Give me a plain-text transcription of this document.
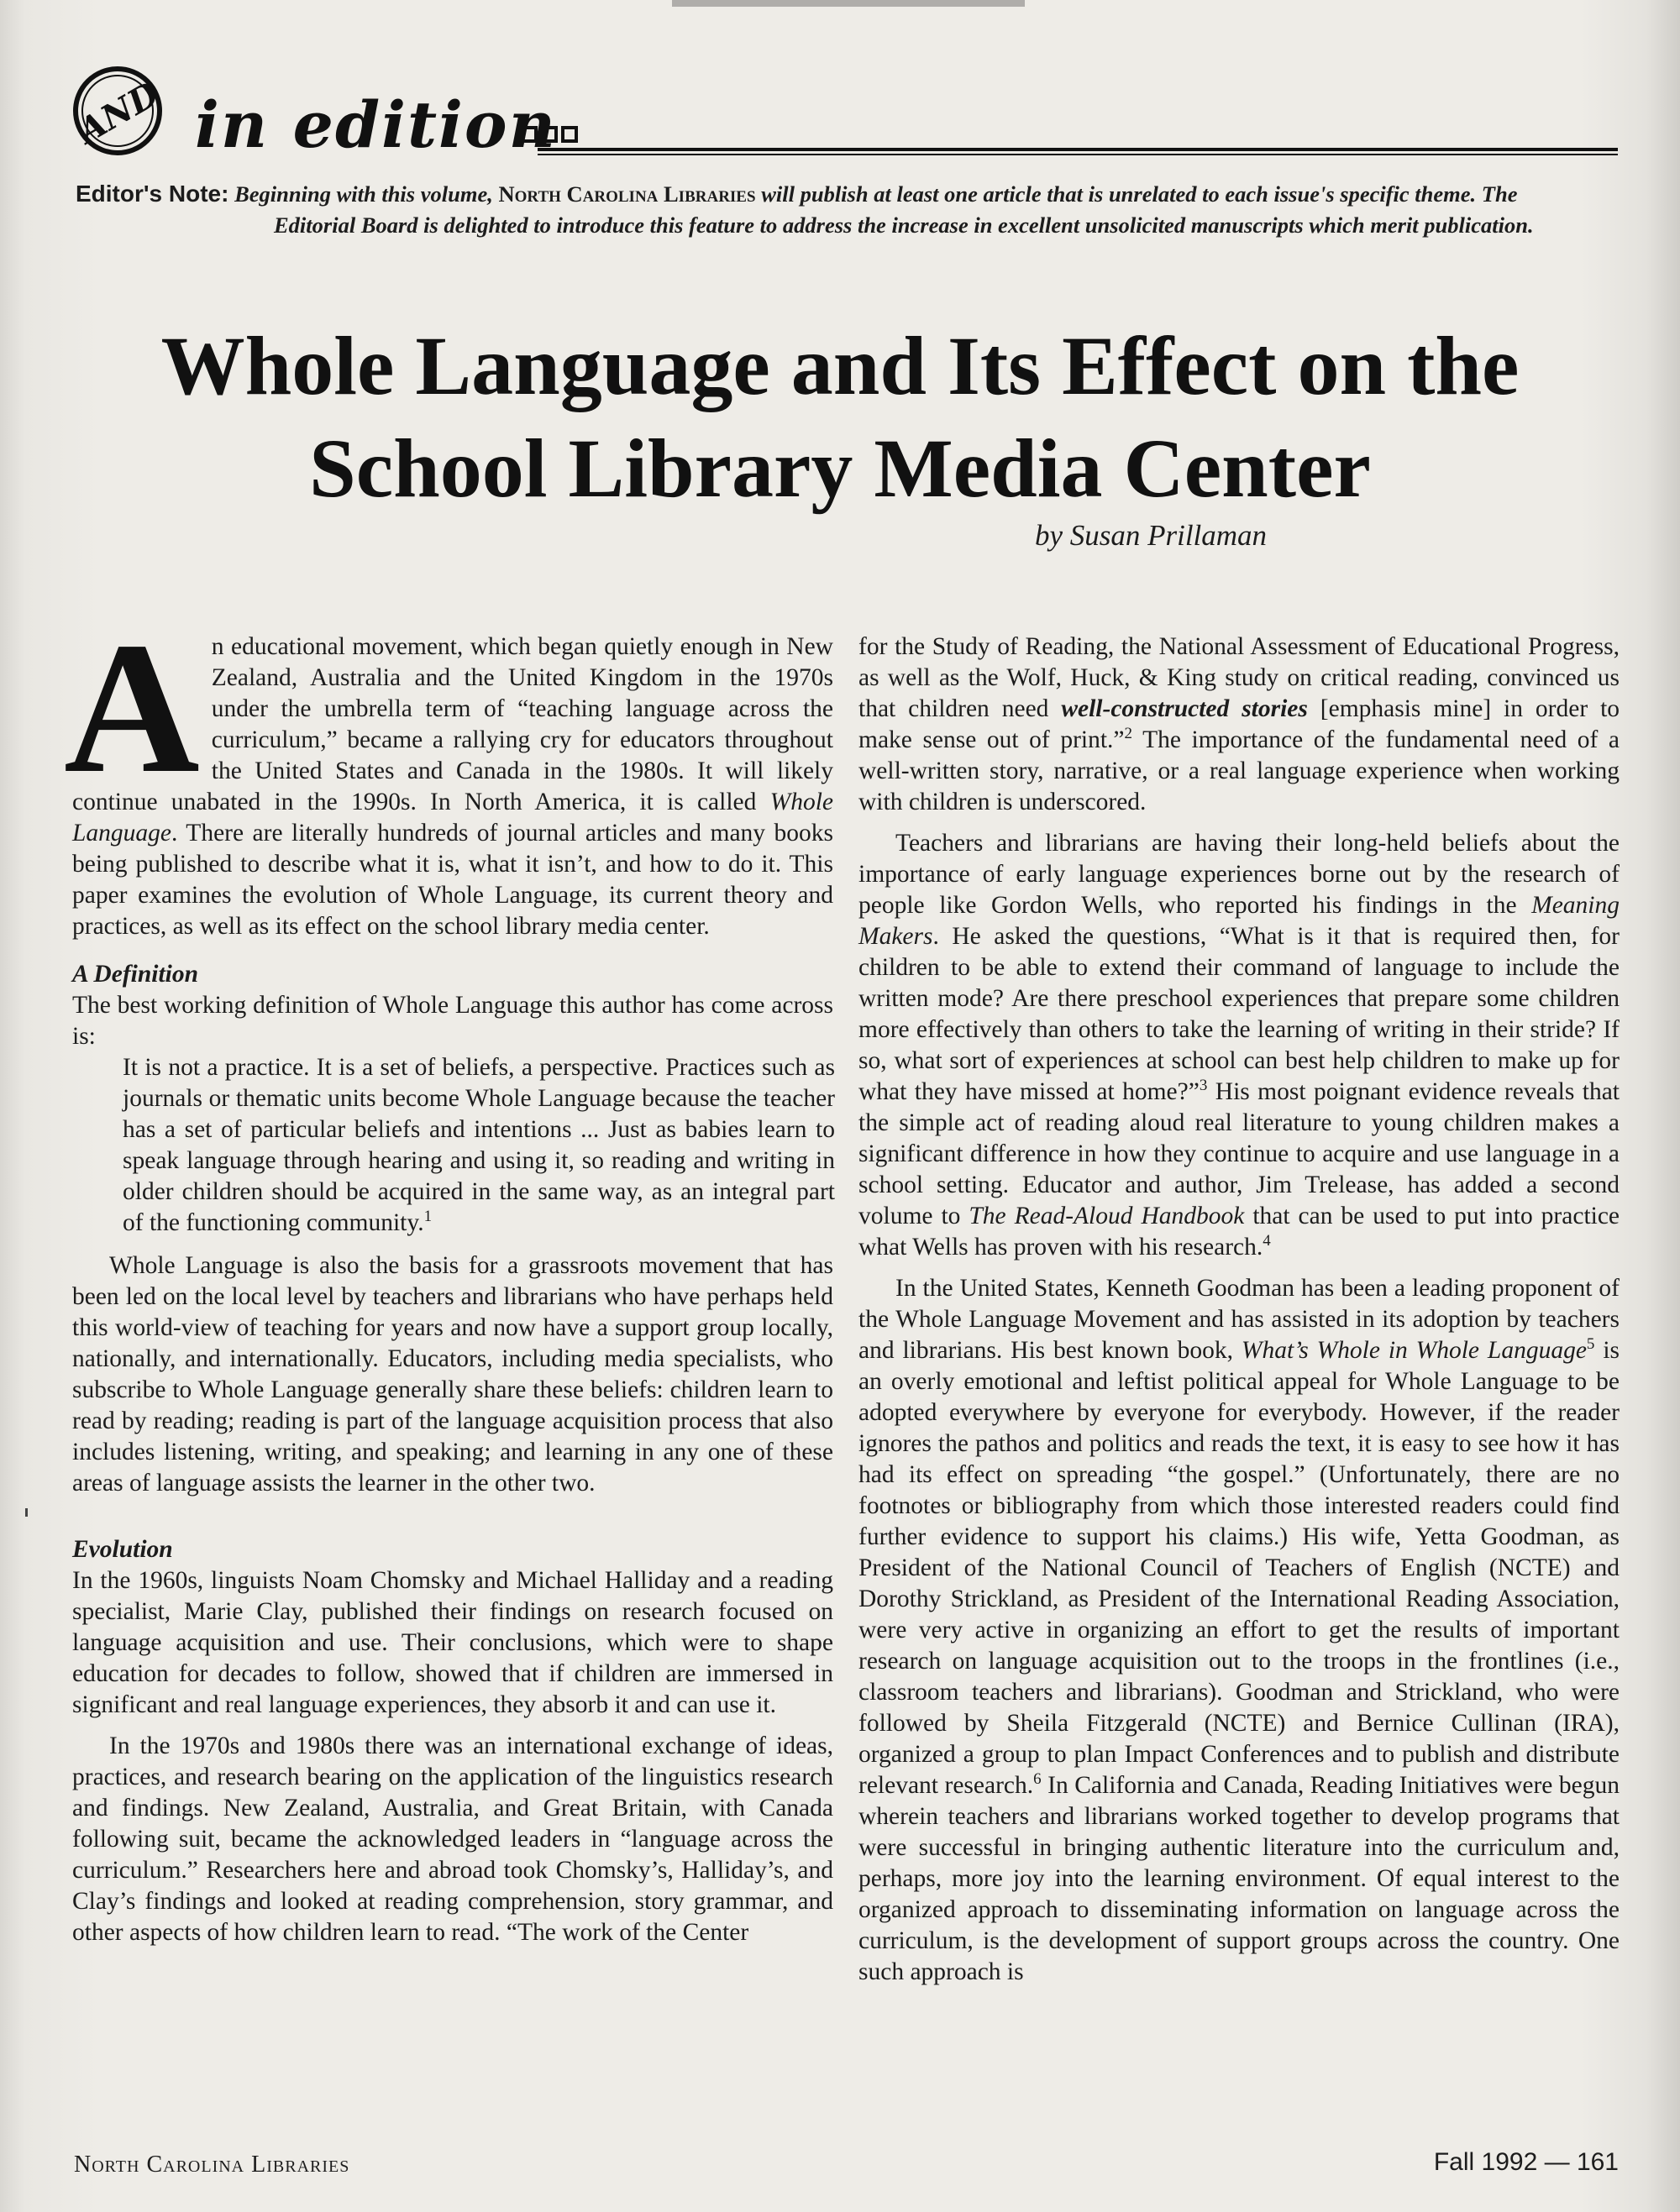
AND in edition
Editor's Note: Beginning with this volume, North Carolina Libraries will publish at least one article that is unrelated to each issue's specific theme. The
Editorial Board is delighted to introduce this feature to address the increase in excellent unsolicited manuscripts which merit publication.
Whole Language and Its Effect on the
School Library Media Center
by Susan Prillaman

An educational movement, which began quietly enough in New Zealand, Australia and the United Kingdom in the 1970s under the umbrella term of “teaching language across the curriculum,” became a rallying cry for educators throughout the United States and Canada in the 1980s. It will likely continue unabated in the 1990s. In North America, it is called Whole Language. There are literally hundreds of journal articles and many books being published to describe what it is, what it isn’t, and how to do it. This paper examines the evolution of Whole Language, its current theory and practices, as well as its effect on the school library media center.

A Definition

The best working definition of Whole Language this author has come across is:

It is not a practice. It is a set of beliefs, a perspective. Practices such as journals or thematic units become Whole Language because the teacher has a set of particular beliefs and intentions ... Just as babies learn to speak language through hearing and using it, so reading and writing in older children should be acquired in the same way, as an integral part of the functioning community.$^1$

Whole Language is also the basis for a grassroots movement that has been led on the local level by teachers and librarians who have perhaps held this world-view of teaching for years and now have a support group locally, nationally, and internationally. Educators, including media specialists, who subscribe to Whole Language generally share these beliefs: children learn to read by reading; reading is part of the language acquisition process that also includes listening, writing, and speaking; and learning in any one of these areas of language assists the learner in the other two.

Evolution

In the 1960s, linguists Noam Chomsky and Michael Halliday and a reading specialist, Marie Clay, published their findings on research focused on language acquisition and use. Their conclusions, which were to shape education for decades to follow, showed that if children are immersed in significant and real language experiences, they absorb it and can use it.

In the 1970s and 1980s there was an international exchange of ideas, practices, and research bearing on the application of the linguistics research and findings. New Zealand, Australia, and Great Britain, with Canada following suit, became the acknowledged leaders in “language across the curriculum.” Researchers here and abroad took Chomsky’s, Halliday’s, and Clay’s findings and looked at reading comprehension, story grammar, and other aspects of how children learn to read. “The work of the Center

for the Study of Reading, the National Assessment of Educational Progress, as well as the Wolf, Huck, & King study on critical reading, convinced us that children need well-constructed stories [emphasis mine] in order to make sense out of print.”$^2$ The importance of the fundamental need of a well-written story, narrative, or a real language experience when working with children is underscored.

Teachers and librarians are having their long-held beliefs about the importance of early language experiences borne out by the research of people like Gordon Wells, who reported his findings in the Meaning Makers. He asked the questions, “What is it that is required then, for children to be able to extend their command of language to include the written mode? Are there preschool experiences that prepare some children more effectively than others to take the learning of writing in their stride? If so, what sort of experiences at school can best help children to make up for what they have missed at home?”$^3$ His most poignant evidence reveals that the simple act of reading aloud real literature to young children makes a significant difference in how they continue to acquire and use language in a school setting. Educator and author, Jim Trelease, has added a second volume to The Read-Aloud Handbook that can be used to put into practice what Wells has proven with his research.$^4$

In the United States, Kenneth Goodman has been a leading proponent of the Whole Language Movement and has assisted in its adoption by teachers and librarians. His best known book, What’s Whole in Whole Language$^5$ is an overly emotional and leftist political appeal for Whole Language to be adopted everywhere by everyone for everybody. However, if the reader ignores the pathos and politics and reads the text, it is easy to see how it has had its effect on spreading “the gospel.” (Unfortunately, there are no footnotes or bibliography from which those interested readers could find further evidence to support his claims.) His wife, Yetta Goodman, as President of the National Council of Teachers of English (NCTE) and Dorothy Strickland, as President of the International Reading Association, were very active in organizing an effort to get the results of important research on language acquisition out to the troops in the frontlines (i.e., classroom teachers and librarians). Goodman and Strickland, who were followed by Sheila Fitzgerald (NCTE) and Bernice Cullinan (IRA), organized a group to plan Impact Conferences and to publish and distribute relevant research.$^6$ In California and Canada, Reading Initiatives were begun wherein teachers and librarians worked together to develop programs that were successful in bringing authentic literature into the curriculum and, perhaps, more joy into the learning environment. Of equal interest to the organized approach to disseminating information on language across the curriculum, is the development of support groups across the country. One such approach is

North Carolina Libraries	Fall 1992 — 161
